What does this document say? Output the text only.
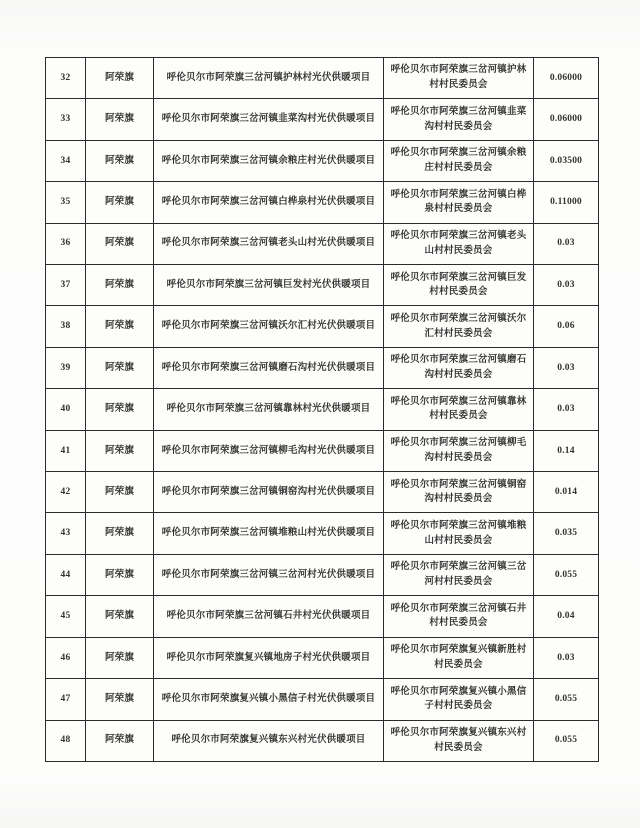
32	阿荣旗	呼伦贝尔市阿荣旗三岔河镇护林村光伏供暖项目	呼伦贝尔市阿荣旗三岔河镇护林村村民委员会	0.06000
33	阿荣旗	呼伦贝尔市阿荣旗三岔河镇韭菜沟村光伏供暖项目	呼伦贝尔市阿荣旗三岔河镇韭菜沟村村民委员会	0.06000
34	阿荣旗	呼伦贝尔市阿荣旗三岔河镇余粮庄村光伏供暖项目	呼伦贝尔市阿荣旗三岔河镇余粮庄村村民委员会	0.03500
35	阿荣旗	呼伦贝尔市阿荣旗三岔河镇白桦泉村光伏供暖项目	呼伦贝尔市阿荣旗三岔河镇白桦泉村村民委员会	0.11000
36	阿荣旗	呼伦贝尔市阿荣旗三岔河镇老头山村光伏供暖项目	呼伦贝尔市阿荣旗三岔河镇老头山村村民委员会	0.03
37	阿荣旗	呼伦贝尔市阿荣旗三岔河镇巨发村光伏供暖项目	呼伦贝尔市阿荣旗三岔河镇巨发村村民委员会	0.03
38	阿荣旗	呼伦贝尔市阿荣旗三岔河镇沃尔汇村光伏供暖项目	呼伦贝尔市阿荣旗三岔河镇沃尔汇村村民委员会	0.06
39	阿荣旗	呼伦贝尔市阿荣旗三岔河镇磨石沟村光伏供暖项目	呼伦贝尔市阿荣旗三岔河镇磨石沟村村民委员会	0.03
40	阿荣旗	呼伦贝尔市阿荣旗三岔河镇靠林村光伏供暖项目	呼伦贝尔市阿荣旗三岔河镇靠林村村民委员会	0.03
41	阿荣旗	呼伦贝尔市阿荣旗三岔河镇柳毛沟村光伏供暖项目	呼伦贝尔市阿荣旗三岔河镇柳毛沟村村民委员会	0.14
42	阿荣旗	呼伦贝尔市阿荣旗三岔河镇铜窑沟村光伏供暖项目	呼伦贝尔市阿荣旗三岔河镇铜窑沟村村民委员会	0.014
43	阿荣旗	呼伦贝尔市阿荣旗三岔河镇堆粮山村光伏供暖项目	呼伦贝尔市阿荣旗三岔河镇堆粮山村村民委员会	0.035
44	阿荣旗	呼伦贝尔市阿荣旗三岔河镇三岔河村光伏供暖项目	呼伦贝尔市阿荣旗三岔河镇三岔河村村民委员会	0.055
45	阿荣旗	呼伦贝尔市阿荣旗三岔河镇石井村光伏供暖项目	呼伦贝尔市阿荣旗三岔河镇石井村村民委员会	0.04
46	阿荣旗	呼伦贝尔市阿荣旗复兴镇地房子村光伏供暖项目	呼伦贝尔市阿荣旗复兴镇新胜村村民委员会	0.03
47	阿荣旗	呼伦贝尔市阿荣旗复兴镇小黑信子村光伏供暖项目	呼伦贝尔市阿荣旗复兴镇小黑信子村村民委员会	0.055
48	阿荣旗	呼伦贝尔市阿荣旗复兴镇东兴村光伏供暖项目	呼伦贝尔市阿荣旗复兴镇东兴村村民委员会	0.055
